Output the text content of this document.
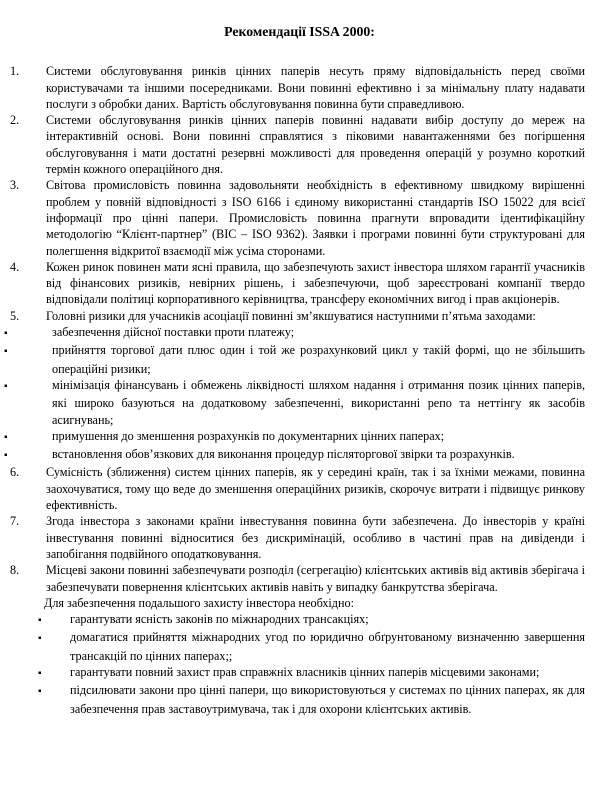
Рекомендації ISSA 2000:
1. Системи обслуговування ринків цінних паперів несуть пряму відповідальність перед своїми користувачами та іншими посередниками. Вони повинні ефективно і за мінімальну плату надавати послуги з обробки даних. Вартість обслуговування повинна бути справедливою.
2. Системи обслуговування ринків цінних паперів повинні надавати вибір доступу до мереж на інтерактивній основі. Вони повинні справлятися з піковими навантаженнями без погіршення обслуговування і мати достатні резервні можливості для проведення операцій у розумно короткий термін кожного операційного дня.
3. Світова промисловість повинна задовольняти необхідність в ефективному швидкому вирішенні проблем у повній відповідності з ISO 6166 і єдиному використанні стандартів ISO 15022 для всієї інформації про цінні папери. Промисловість повинна прагнути впровадити ідентифікаційну методологію “Клієнт-партнер” (BIC – ISO 9362). Заявки і програми повинні бути структуровані для полегшення відкритої взаємодії між усіма сторонами.
4. Кожен ринок повинен мати ясні правила, що забезпечують захист інвестора шляхом гарантії учасників від фінансових ризиків, невірних рішень, і забезпечуючи, щоб зареєстровані компанії твердо відповідали політиці корпоративного керівництва, трансферу економічних вигод і прав акціонерів.
5. Головні ризики для учасників асоціації повинні зм’якшуватися наступними п’ятьма заходами:
▪	забезпечення дійсної поставки проти платежу;
▪	прийняття торгової дати плюс один і той же розрахунковий цикл у такій формі, що не збільшить операційні ризики;
▪	мінімізація фінансувань і обмежень ліквідності шляхом надання і отримання позик цінних паперів, які широко базуються на додатковому забезпеченні, використанні репо та неттінгу як засобів асигнувань;
▪	примушення до зменшення розрахунків по документарних цінних паперах;
▪	встановлення обов’язкових для виконання процедур післяторгової звірки та розрахунків.
6. Сумісність (зближення) систем цінних паперів, як у середині країн, так і за їхніми межами, повинна заохочуватися, тому що веде до зменшення операційних ризиків, скорочує витрати і підвищує ринкову ефективність.
7. Згода інвестора з законами країни інвестування повинна бути забезпечена. До інвесторів у країні інвестування повинні відноситися без дискримінацій, особливо в частині прав на дивіденди і запобігання подвійного оподатковування.
8. Місцеві закони повинні забезпечувати розподіл (сегрегацію) клієнтських активів від активів зберігача і забезпечувати повернення клієнтських активів навіть у випадку банкрутства зберігача.
Для забезпечення подальшого захисту інвестора необхідно:
▪ гарантувати ясність законів по міжнародних трансакціях;
▪ домагатися прийняття міжнародних угод по юридично обґрунтованому визначенню завершення трансакцій по цінних паперах;;
▪ гарантувати повний захист прав справжніх власників цінних паперів місцевими законами;
▪ підсилювати закони про цінні папери, що використовуються у системах по цінних паперах, як для забезпечення прав заставоутримувача, так і для охорони клієнтських активів.
